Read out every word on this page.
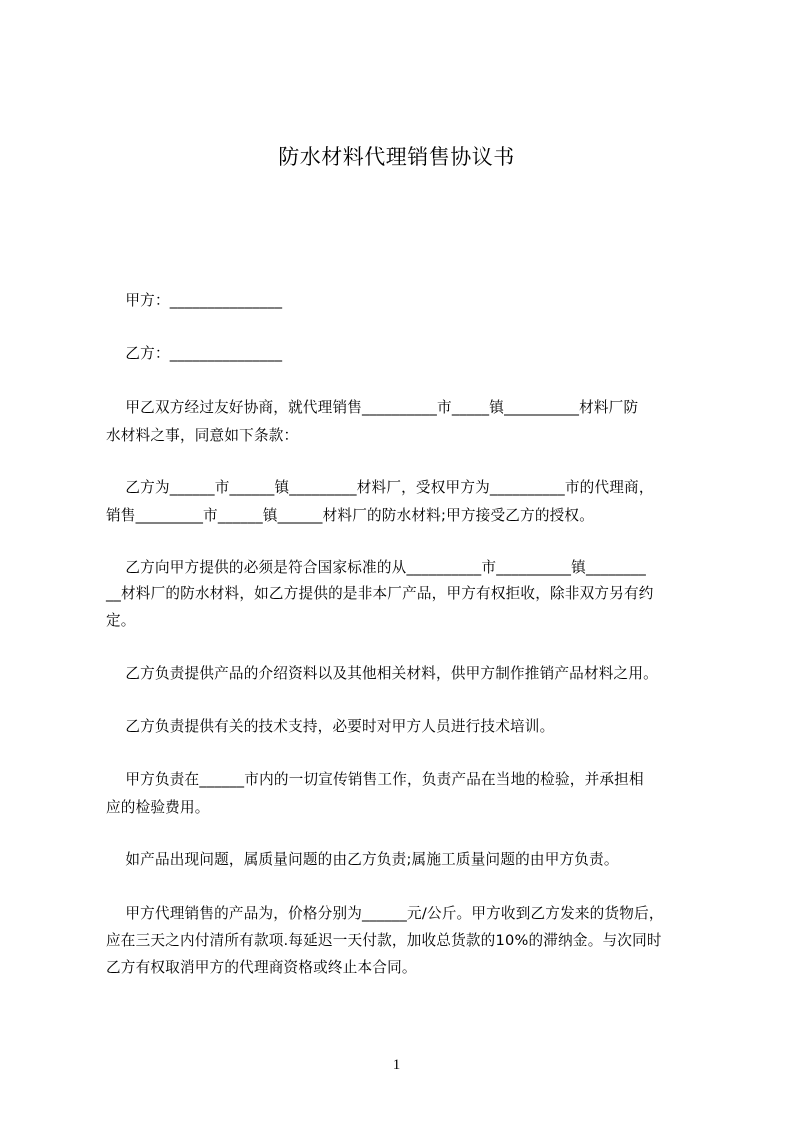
防水材料代理销售协议书
甲方：_______________
乙方：_______________
甲乙双方经过友好协商，就代理销售__________市_____镇__________材料厂防
水材料之事，同意如下条款：
乙方为______市______镇_________材料厂，受权甲方为__________市的代理商，
销售_________市______镇______材料厂的防水材料;甲方接受乙方的授权。
乙方向甲方提供的必须是符合国家标准的从__________市__________镇________
__材料厂的防水材料，如乙方提供的是非本厂产品，甲方有权拒收，除非双方另有约
定。
乙方负责提供产品的介绍资料以及其他相关材料，供甲方制作推销产品材料之用。
乙方负责提供有关的技术支持，必要时对甲方人员进行技术培训。
甲方负责在______市内的一切宣传销售工作，负责产品在当地的检验，并承担相
应的检验费用。
如产品出现问题，属质量问题的由乙方负责;属施工质量问题的由甲方负责。
甲方代理销售的产品为，价格分别为______元/公斤。甲方收到乙方发来的货物后，
应在三天之内付清所有款项.每延迟一天付款，加收总货款的10%的滞纳金。与次同时
乙方有权取消甲方的代理商资格或终止本合同。
1
